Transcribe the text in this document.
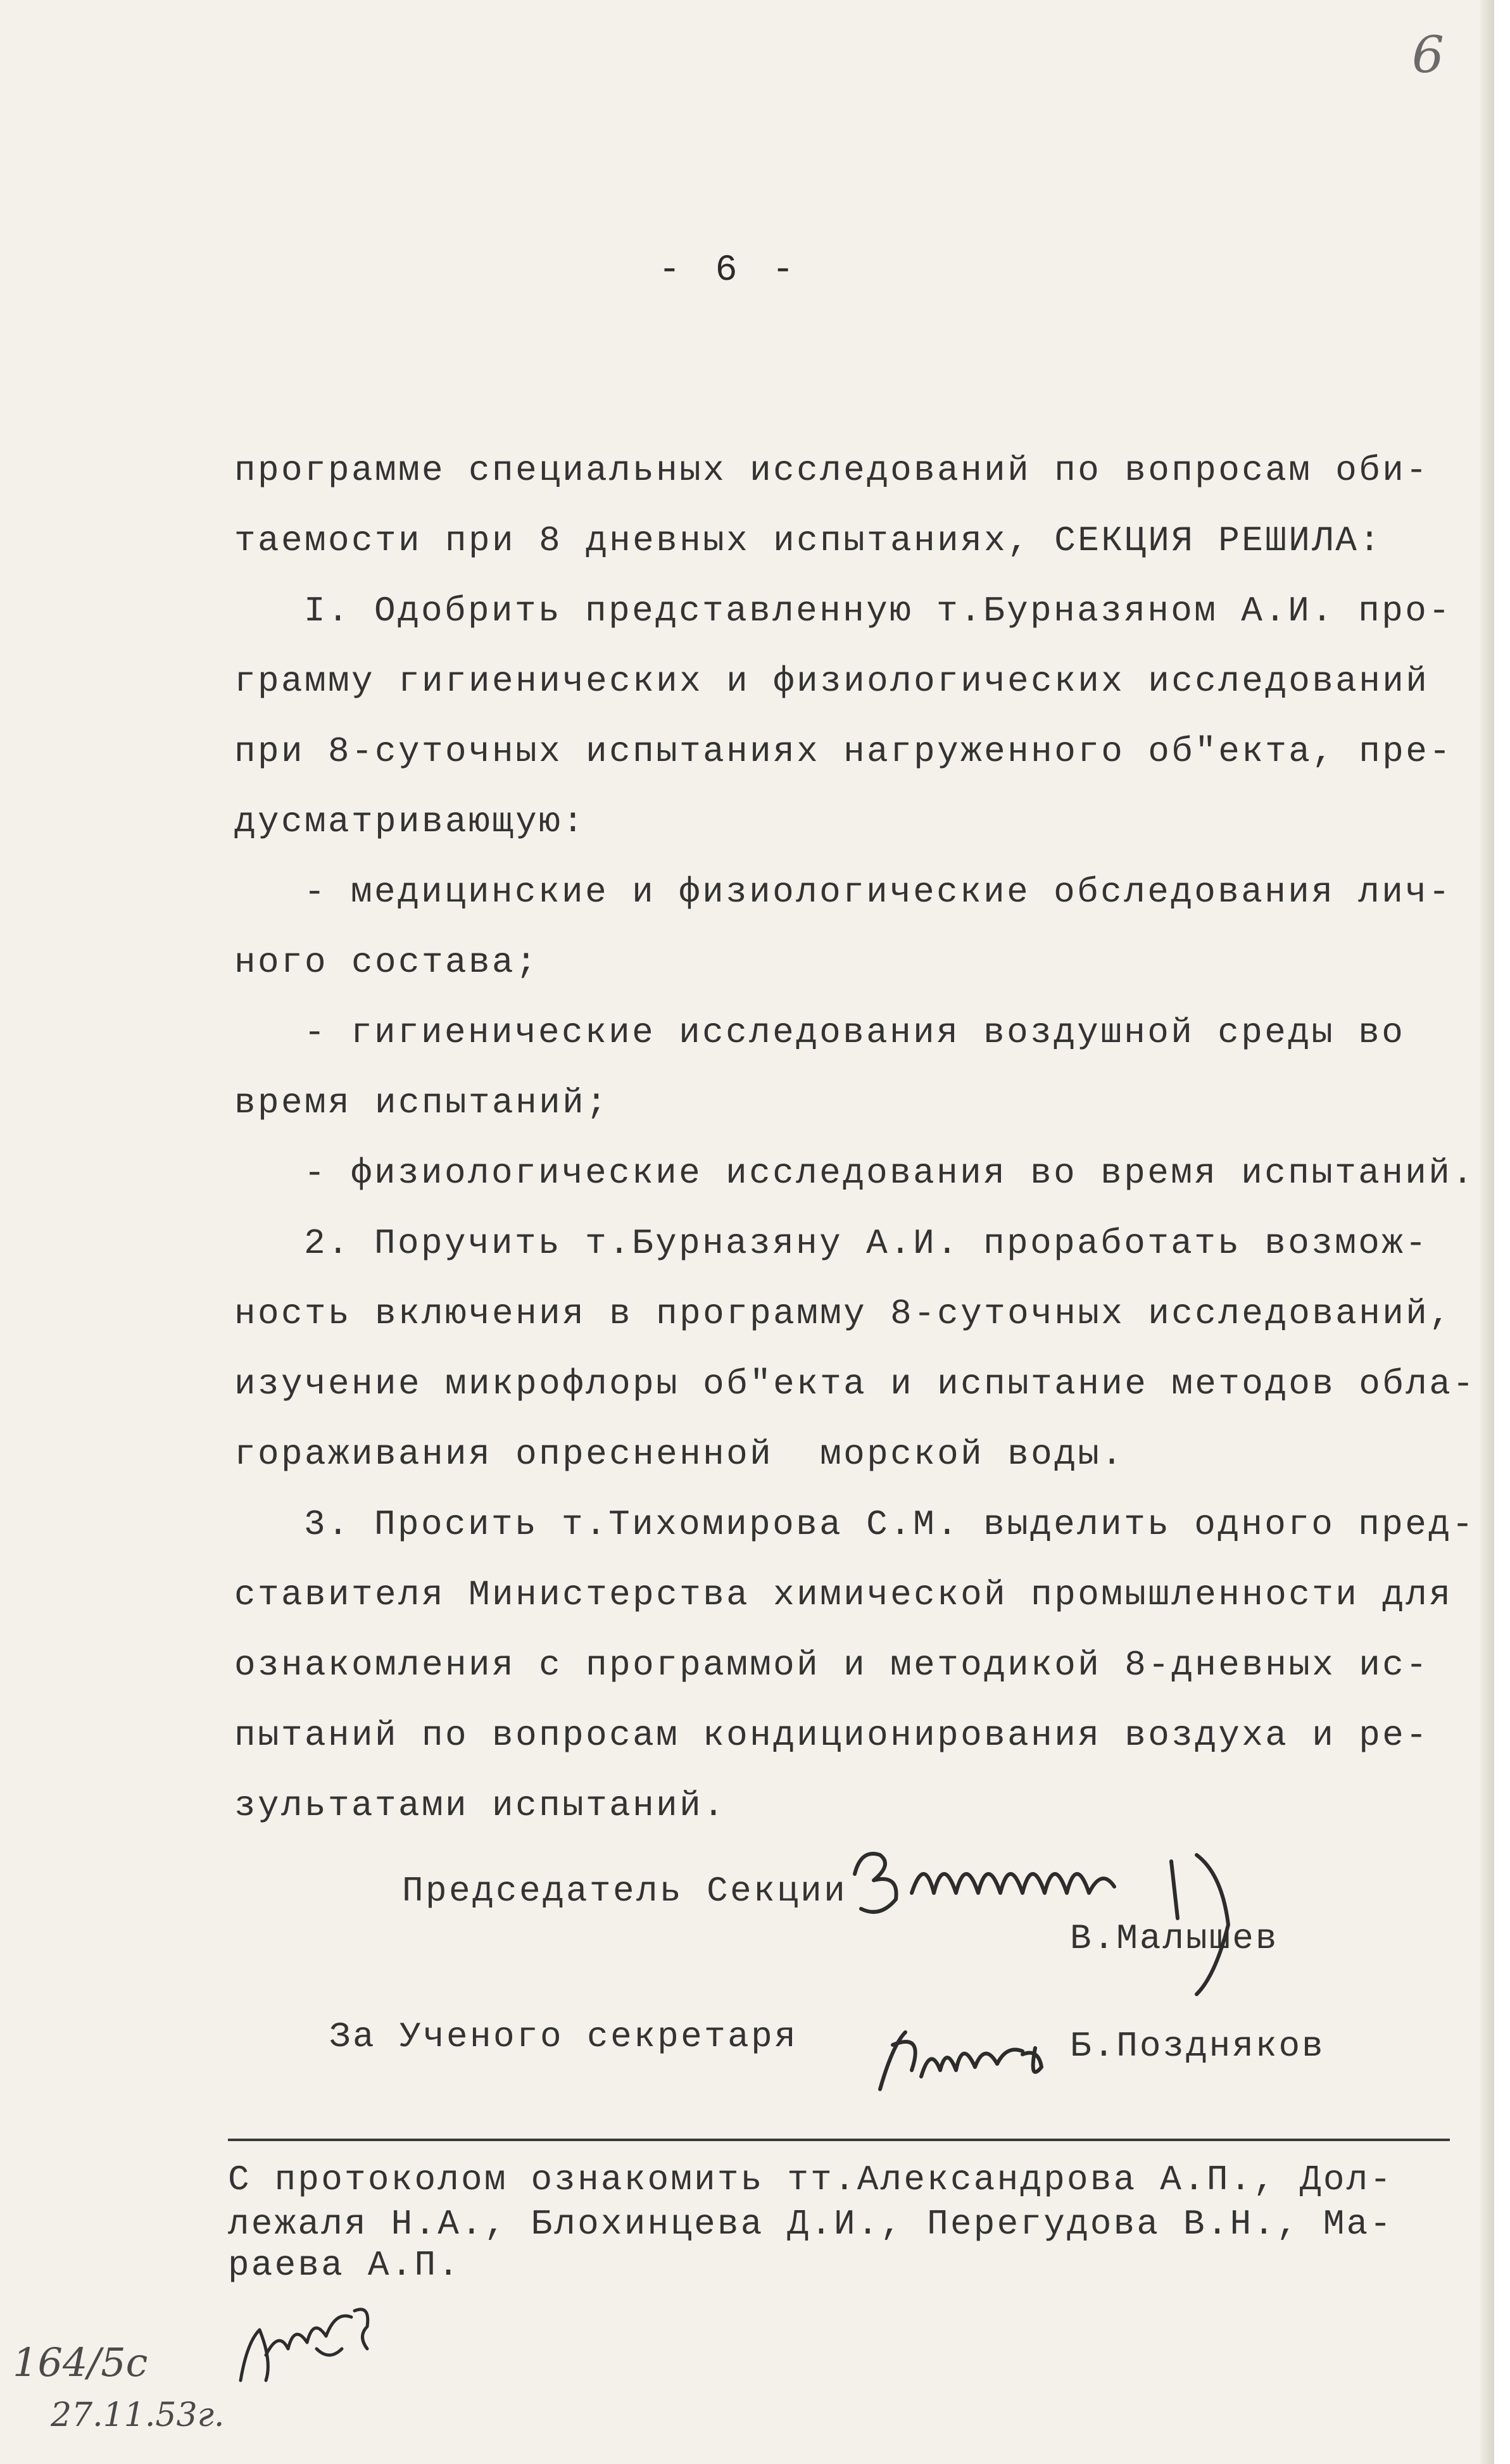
6
- 6 -
программе специальных исследований по вопросам оби-
таемости при 8 дневных испытаниях, СЕКЦИЯ РЕШИЛА:
I. Одобрить представленную т.Бурназяном А.И. про-
грамму гигиенических и физиологических исследований
при 8-суточных испытаниях нагруженного об"екта, пре-
дусматривающую:
- медицинские и физиологические обследования лич-
ного состава;
- гигиенические исследования воздушной среды во
время испытаний;
- физиологические исследования во время испытаний.
2. Поручить т.Бурназяну А.И. проработать возмож-
ность включения в программу 8-суточных исследований,
изучение микрофлоры об"екта и испытание методов обла-
гораживания опресненной  морской воды.
3. Просить т.Тихомирова С.М. выделить одного пред-
ставителя Министерства химической промышленности для
ознакомления с программой и методикой 8-дневных ис-
пытаний по вопросам кондиционирования воздуха и ре-
зультатами испытаний.
Председатель Секции
В.Малышев
За Ученого секретаря	Б.Поздняков
С протоколом ознакомить тт.Александрова А.П., Дол-
лежаля Н.А., Блохинцева Д.И., Перегудова В.Н., Ма-
раева А.П.
164/5с
27.11.53г.
